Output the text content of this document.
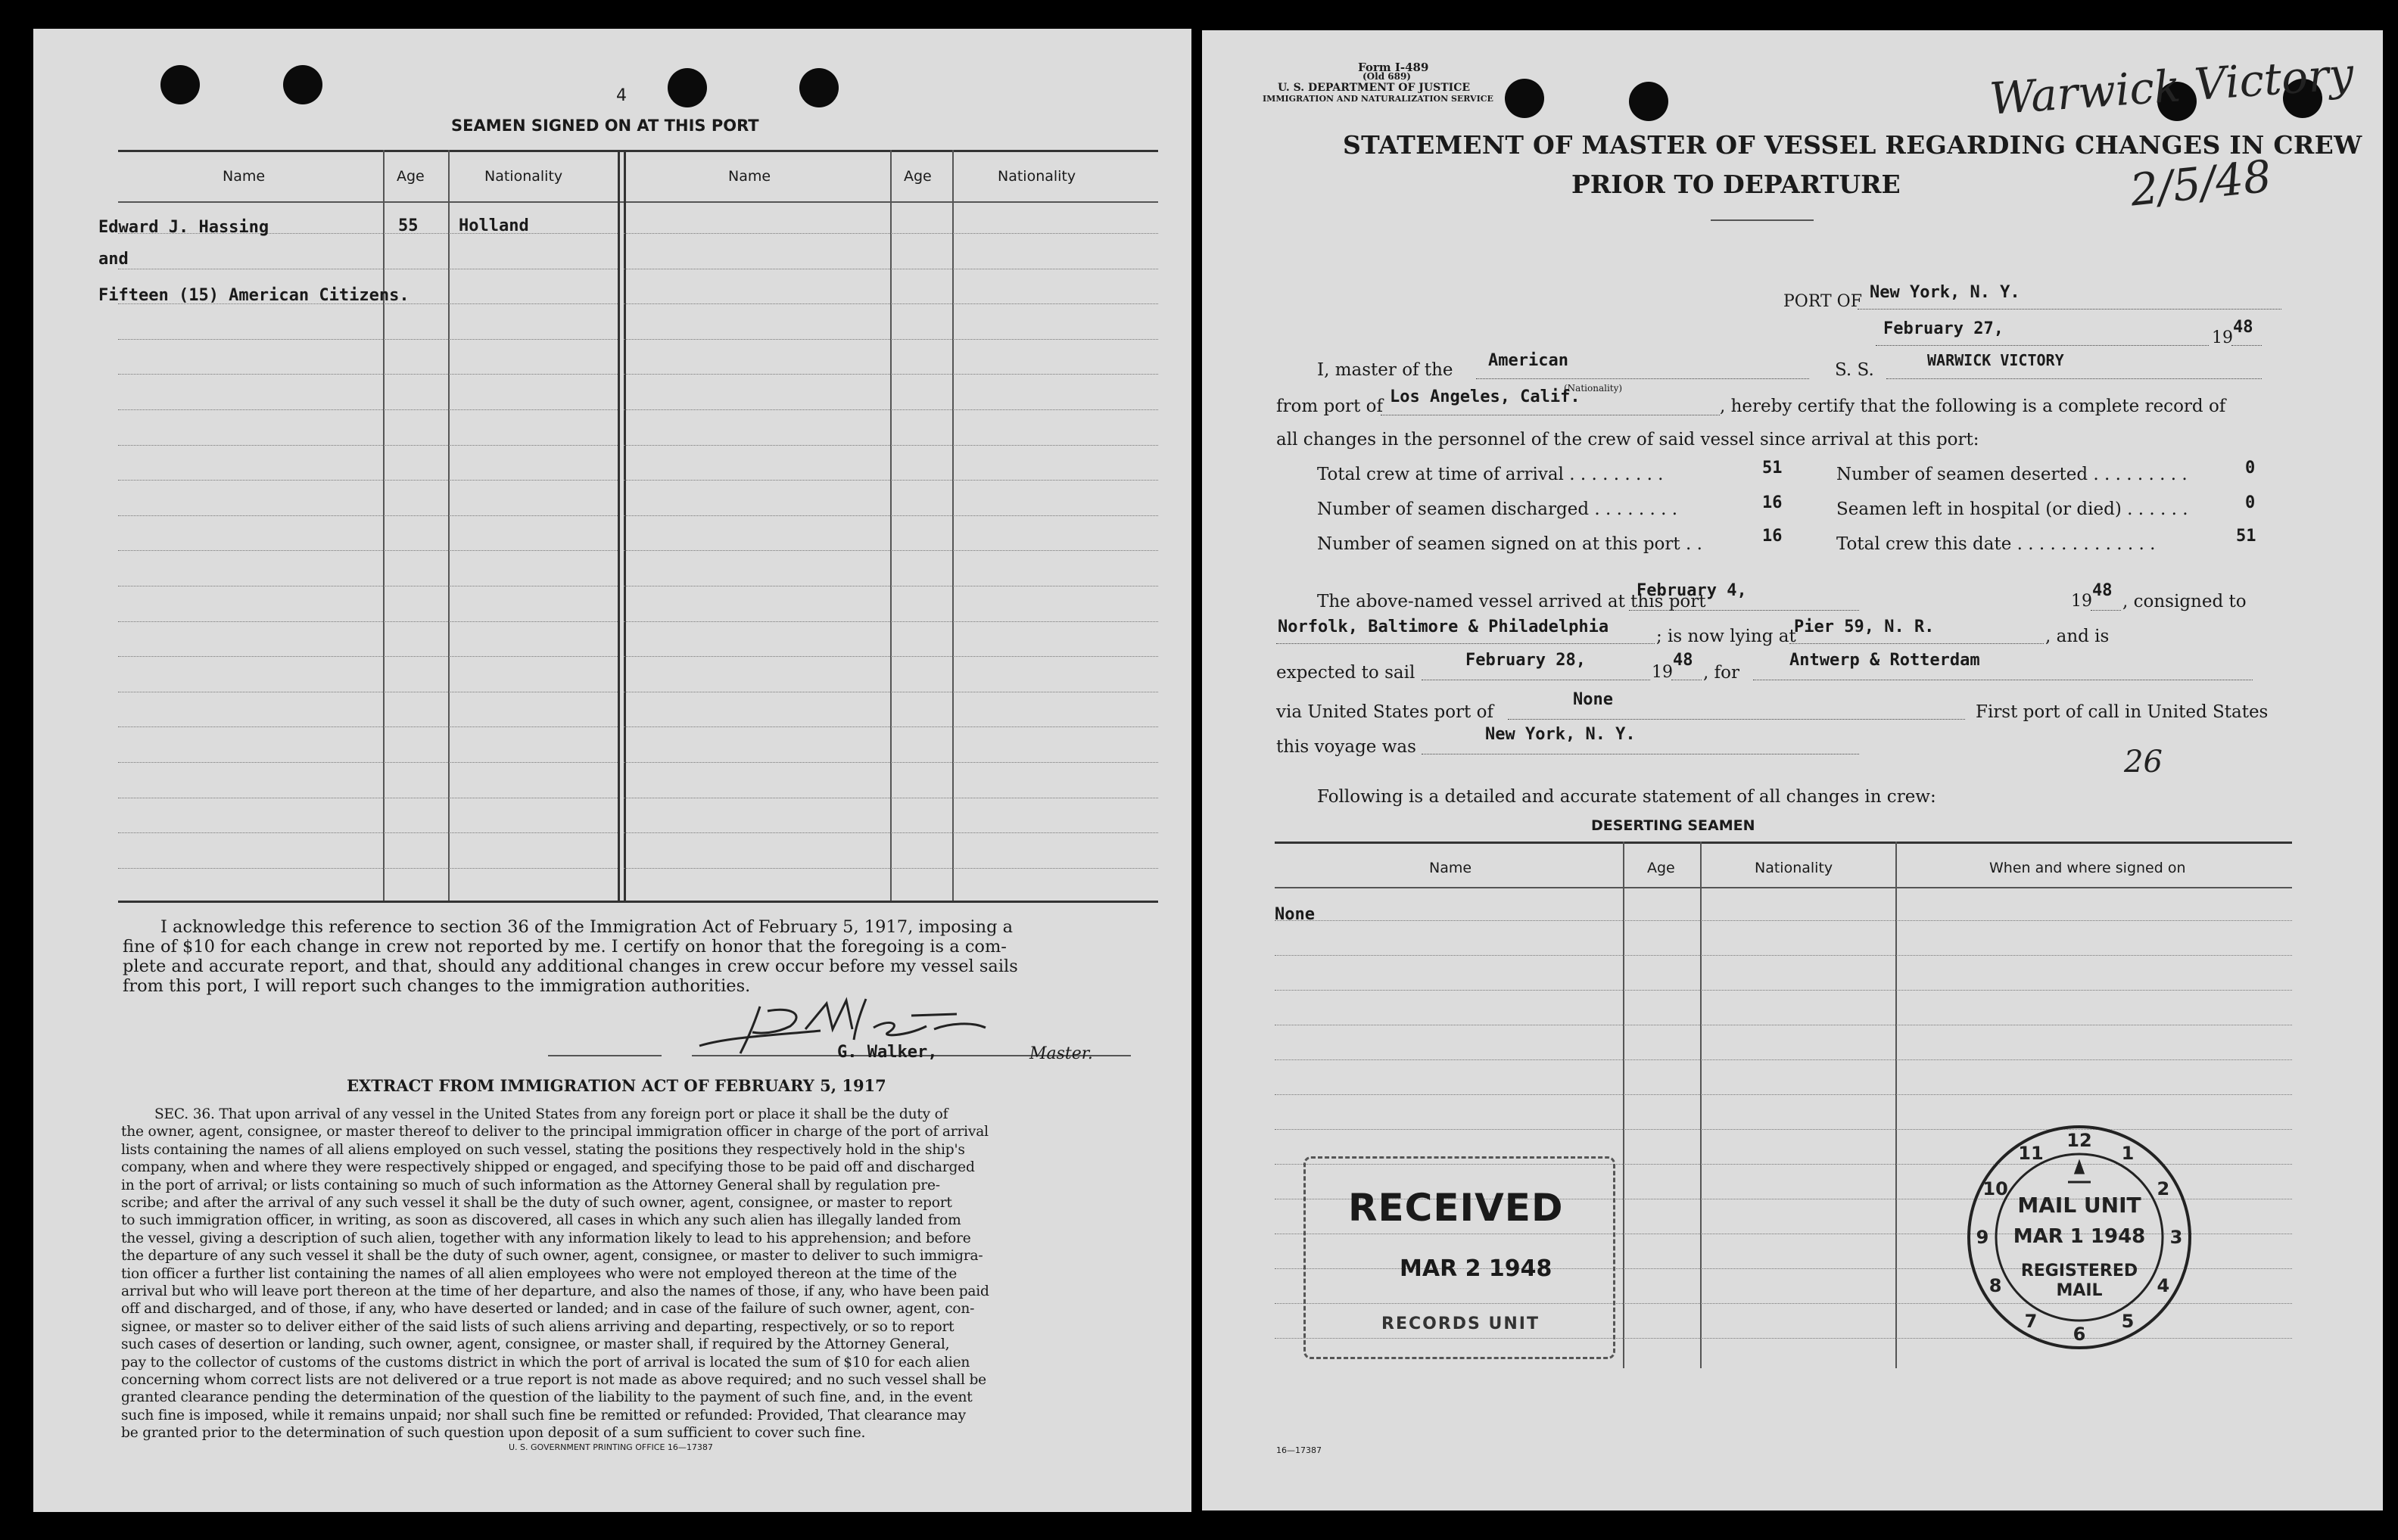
4
SEAMEN SIGNED ON AT THIS PORT
Name	Age	Nationality	Name	Age	Nationality
Edward J. Hassing	55 Holland
and
Fifteen (15) American Citizens.
I acknowledge this reference to section 36 of the Immigration Act of February 5, 1917, imposing a
fine of $10 for each change in crew not reported by me. I certify on honor that the foregoing is a com-
plete and accurate report, and that, should any additional changes in crew occur before my vessel sails
from this port, I will report such changes to the immigration authorities.
G. Walker,	Master.
EXTRACT FROM IMMIGRATION ACT OF FEBRUARY 5, 1917
SEC. 36. That upon arrival of any vessel in the United States from any foreign port or place it shall be the duty of
the owner, agent, consignee, or master thereof to deliver to the principal immigration officer in charge of the port of arrival
lists containing the names of all aliens employed on such vessel, stating the positions they respectively hold in the ship's
company, when and where they were respectively shipped or engaged, and specifying those to be paid off and discharged
in the port of arrival; or lists containing so much of such information as the Attorney General shall by regulation pre-
scribe; and after the arrival of any such vessel it shall be the duty of such owner, agent, consignee, or master to report
to such immigration officer, in writing, as soon as discovered, all cases in which any such alien has illegally landed from
the vessel, giving a description of such alien, together with any information likely to lead to his apprehension; and before
the departure of any such vessel it shall be the duty of such owner, agent, consignee, or master to deliver to such immigra-
tion officer a further list containing the names of all alien employees who were not employed thereon at the time of the
arrival but who will leave port thereon at the time of her departure, and also the names of those, if any, who have been paid
off and discharged, and of those, if any, who have deserted or landed; and in case of the failure of such owner, agent, con-
signee, or master so to deliver either of the said lists of such aliens arriving and departing, respectively, or so to report
such cases of desertion or landing, such owner, agent, consignee, or master shall, if required by the Attorney General,
pay to the collector of customs of the customs district in which the port of arrival is located the sum of $10 for each alien
concerning whom correct lists are not delivered or a true report is not made as above required; and no such vessel shall be
granted clearance pending the determination of the question of the liability to the payment of such fine, and, in the event
such fine is imposed, while it remains unpaid; nor shall such fine be remitted or refunded: Provided, That clearance may
be granted prior to the determination of such question upon deposit of a sum sufficient to cover such fine.
U. S. GOVERNMENT PRINTING OFFICE 16—17387
Form I-489
(Old 689)
U. S. DEPARTMENT OF JUSTICE
IMMIGRATION AND NATURALIZATION SERVICE	Warwick Victory
2/5/48
STATEMENT OF MASTER OF VESSEL REGARDING CHANGES IN CREW
PRIOR TO DEPARTURE
PORT OF New York, N. Y.
February 27,	19
48
I, master of the American
(Nationality)
S. S.	WARWICK VICTORY
from port of Los Angeles, Calif.	, hereby certify that the following is a complete record of
all changes in the personnel of the crew of said vessel since arrival at this port:
Total crew at time of arrival . . . . . . . . .	51	Number of seamen deserted . . . . . . . . .	0
Number of seamen discharged . . . . . . . .	16	Seamen left in hospital (or died) . . . . . .	0
Number of seamen signed on at this port . .	16	Total crew this date . . . . . . . . . . . . .	51
The above-named vessel arrived at this port
February 4,
19
48
, consigned to
Norfolk, Baltimore & Philadelphia	; is now lying at
Pier 59, N. R.	, and is
expected to sail
February 28,
19
48
, for
Antwerp & Rotterdam
via United States port of
None
First port of call in United States
this voyage was
New York, N. Y.
26
Following is a detailed and accurate statement of all changes in crew:
DESERTING SEAMEN
Name	Age	Nationality	When and where signed on
None
RECEIVED
MAR 2 1948
RECORDS UNIT
12
1
2
3
4
5
6
7
8
9
10
11
MAIL UNIT
MAR 1 1948
REGISTERED
MAIL
16—17387
